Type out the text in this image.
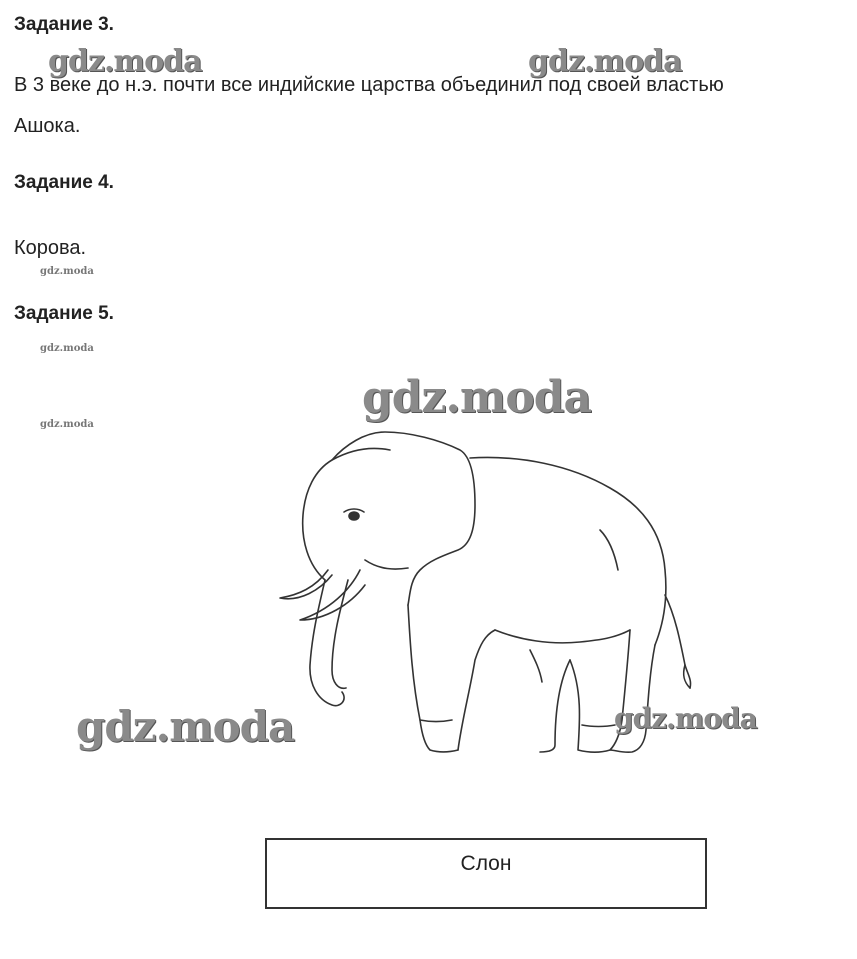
Задание 3.
gdz.moda	gdz.moda
В 3 веке до н.э. почти все индийские царства объединил под своей властью
Ашока.
Задание 4.
Корова.
gdz.moda
Задание 5.
gdz.moda
gdz.moda
gdz.moda
gdz.moda	gdz.moda
Слон
